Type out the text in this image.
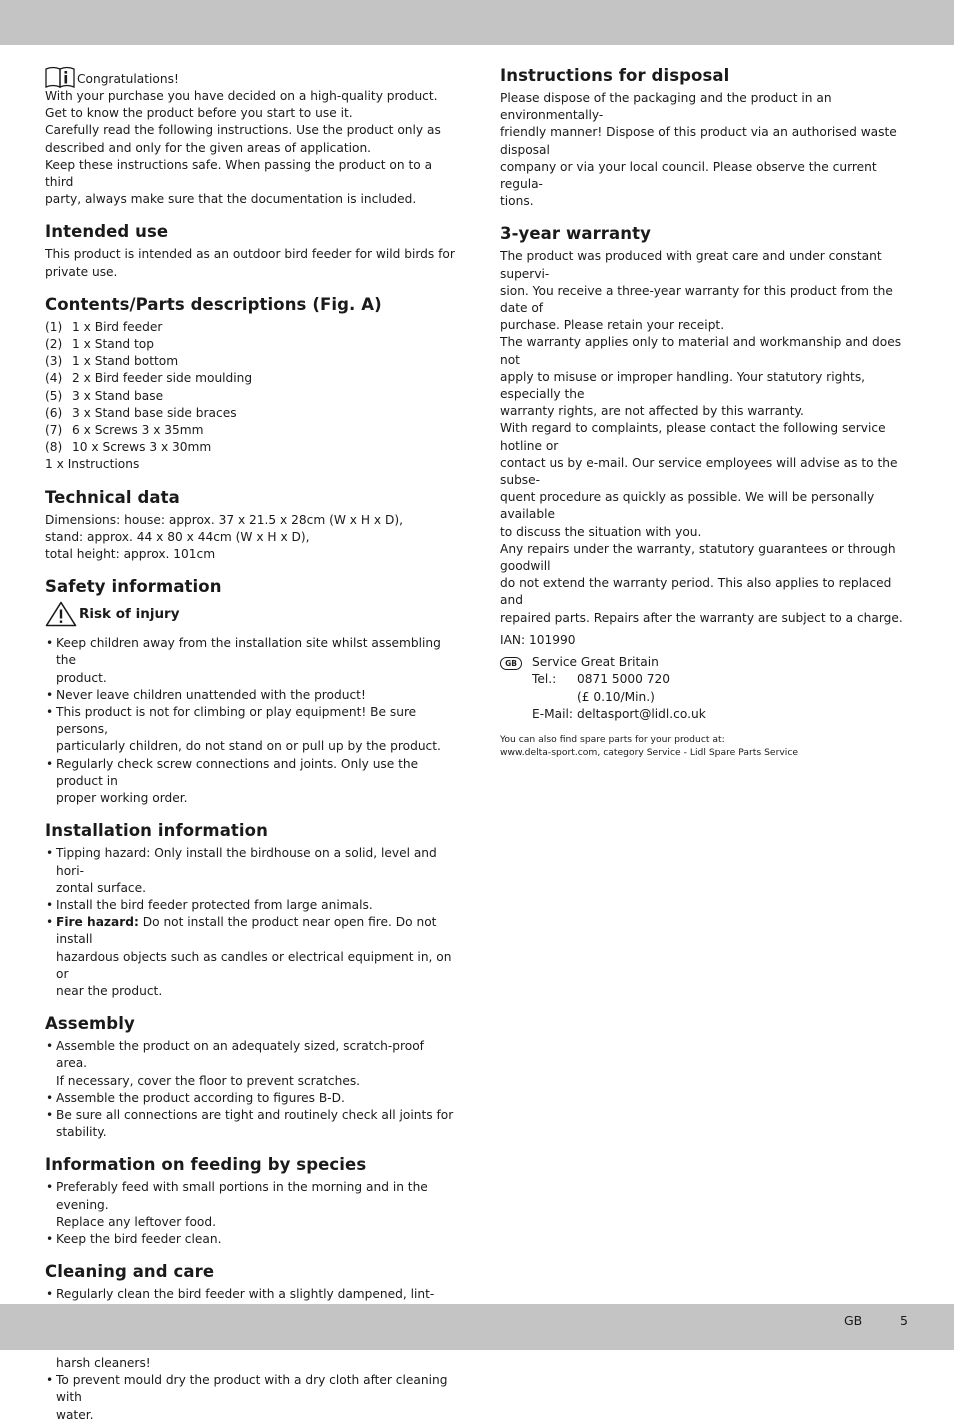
Congratulations!

With your purchase you have decided on a high-quality product.

Get to know the product before you start to use it.

Carefully read the following instructions. Use the product only as

described and only for the given areas of application.

Keep these instructions safe. When passing the product on to a third

party, always make sure that the documentation is included.

Intended use

This product is intended as an outdoor bird feeder for wild birds for

private use.

Contents/Parts descriptions (Fig. A)
(1) 1 x Bird feeder
(2) 1 x Stand top
(3) 1 x Stand bottom
(4) 2 x Bird feeder side moulding
(5) 3 x Stand base
(6) 3 x Stand base side braces
(7) 6 x Screws 3 x 35mm
(8) 10 x Screws 3 x 30mm

1 x Instructions

Technical data

Dimensions: house: approx. 37 x 21.5 x 28cm (W x H x D),

stand: approx. 44 x 80 x 44cm (W x H x D),

total height: approx. 101cm

Safety information
Risk of injury
• Keep children away from the installation site whilst assembling the
product.
• Never leave children unattended with the product!
• This product is not for climbing or play equipment! Be sure persons,
particularly children, do not stand on or pull up by the product.
• Regularly check screw connections and joints. Only use the product in
proper working order.
Installation information
• Tipping hazard: Only install the birdhouse on a solid, level and hori-
zontal surface.
• Install the bird feeder protected from large animals.
• Fire hazard: Do not install the product near open fire. Do not install
hazardous objects such as candles or electrical equipment in, on or
near the product.
Assembly
• Assemble the product on an adequately sized, scratch-proof area.
If necessary, cover the floor to prevent scratches.
• Assemble the product according to figures B-D.
• Be sure all connections are tight and routinely check all joints for
stability.
Information on feeding by species
• Preferably feed with small portions in the morning and in the evening.
Replace any leftover food.
• Keep the bird feeder clean.
Cleaning and care
• Regularly clean the bird feeder with a slightly dampened, lint-

• harsh cleaners!
• To prevent mould dry the product with a dry cloth after cleaning with
water.
Instructions for disposal

Please dispose of the packaging and the product in an environmentally-

friendly manner! Dispose of this product via an authorised waste disposal

company or via your local council. Please observe the current regula-

tions.

3-year warranty

The product was produced with great care and under constant supervi-

sion. You receive a three-year warranty for this product from the date of

purchase. Please retain your receipt.

The warranty applies only to material and workmanship and does not

apply to misuse or improper handling. Your statutory rights, especially the

warranty rights, are not affected by this warranty.

With regard to complaints, please contact the following service hotline or

contact us by e-mail. Our service employees will advise as to the subse-

quent procedure as quickly as possible. We will be personally available

to discuss the situation with you.

Any repairs under the warranty, statutory guarantees or through goodwill

do not extend the warranty period. This also applies to replaced and

repaired parts. Repairs after the warranty are subject to a charge.

IAN: 101990

GB	Service Great Britain

Tel.:	0871 5000 720
(£ 0.10/Min.)
E-Mail: deltasport@lidl.co.uk

You can also find spare parts for your product at:

www.delta-sport.com, category Service - Lidl Spare Parts Service

GB	5
